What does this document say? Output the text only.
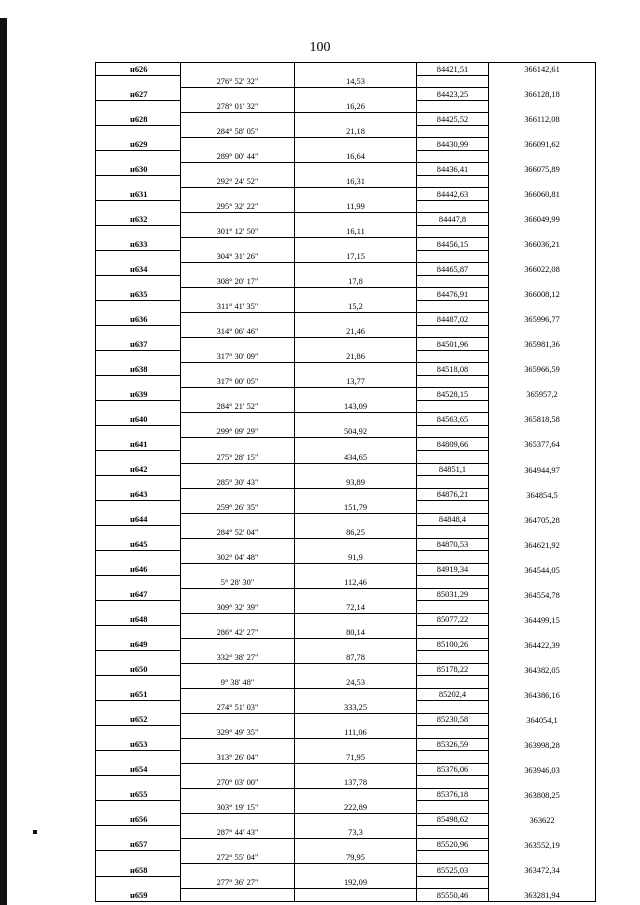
100
н626			84421,51	366142,61
	276° 52' 32"	14,53		
н627			84423,25	366128,18
	278° 01' 32"	16,26		
н628			84425,52	366112,08
	284° 58' 05"	21,18		
н629			84430,99	366091,62
	289° 00' 44"	16,64		
н630			84436,41	366075,89
	292° 24' 52"	16,31		
н631			84442,63	366060,81
	295° 32' 22"	11,99		
н632			84447,8	366049,99
	301° 12' 50"	16,11		
н633			84456,15	366036,21
	304° 31' 26"	17,15		
н634			84465,87	366022,08
	308° 20' 17"	17,8		
н635			84476,91	366008,12
	311° 41' 35"	15,2		
н636			84487,02	365996,77
	314° 06' 46"	21,46		
н637			84501,96	365981,36
	317° 30' 09"	21,86		
н638			84518,08	365966,59
	317° 00' 05"	13,77		
н639			84528,15	365957,2
	284° 21' 52"	143,09		
н640			84563,65	365818,58
	299° 09' 29"	504,92		
н641			84809,66	365377,64
	275° 28' 15"	434,65		
н642			84851,1	364944,97
	285° 30' 43"	93,89		
н643			84876,21	364854,5
	259° 26' 35"	151,79		
н644			84848,4	364705,28
	284° 52' 04"	86,25		
н645			84870,53	364621,92
	302° 04' 48"	91,9		
н646			84919,34	364544,05
	5° 28' 30"	112,46		
н647			85031,29	364554,78
	309° 32' 39"	72,14		
н648			85077,22	364499,15
	286° 42' 27"	80,14		
н649			85100,26	364422,39
	332° 38' 27"	87,78		
н650			85178,22	364382,05
	9° 38' 48"	24,53		
н651			85202,4	364386,16
	274° 51' 03"	333,25		
н652			85230,58	364054,1
	329° 49' 35"	111,06		
н653			85326,59	363998,28
	313° 26' 04"	71,95		
н654			85376,06	363946,03
	270° 03' 00"	137,78		
н655			85376,18	363808,25
	303° 19' 15"	222,89		
н656			85498,62	363622
	287° 44' 43"	73,3		
н657			85520,96	363552,19
	272° 55' 04"	79,95		
н658			85525,03	363472,34
	277° 36' 27"	192,09		
н659			85550,46	363281,94
